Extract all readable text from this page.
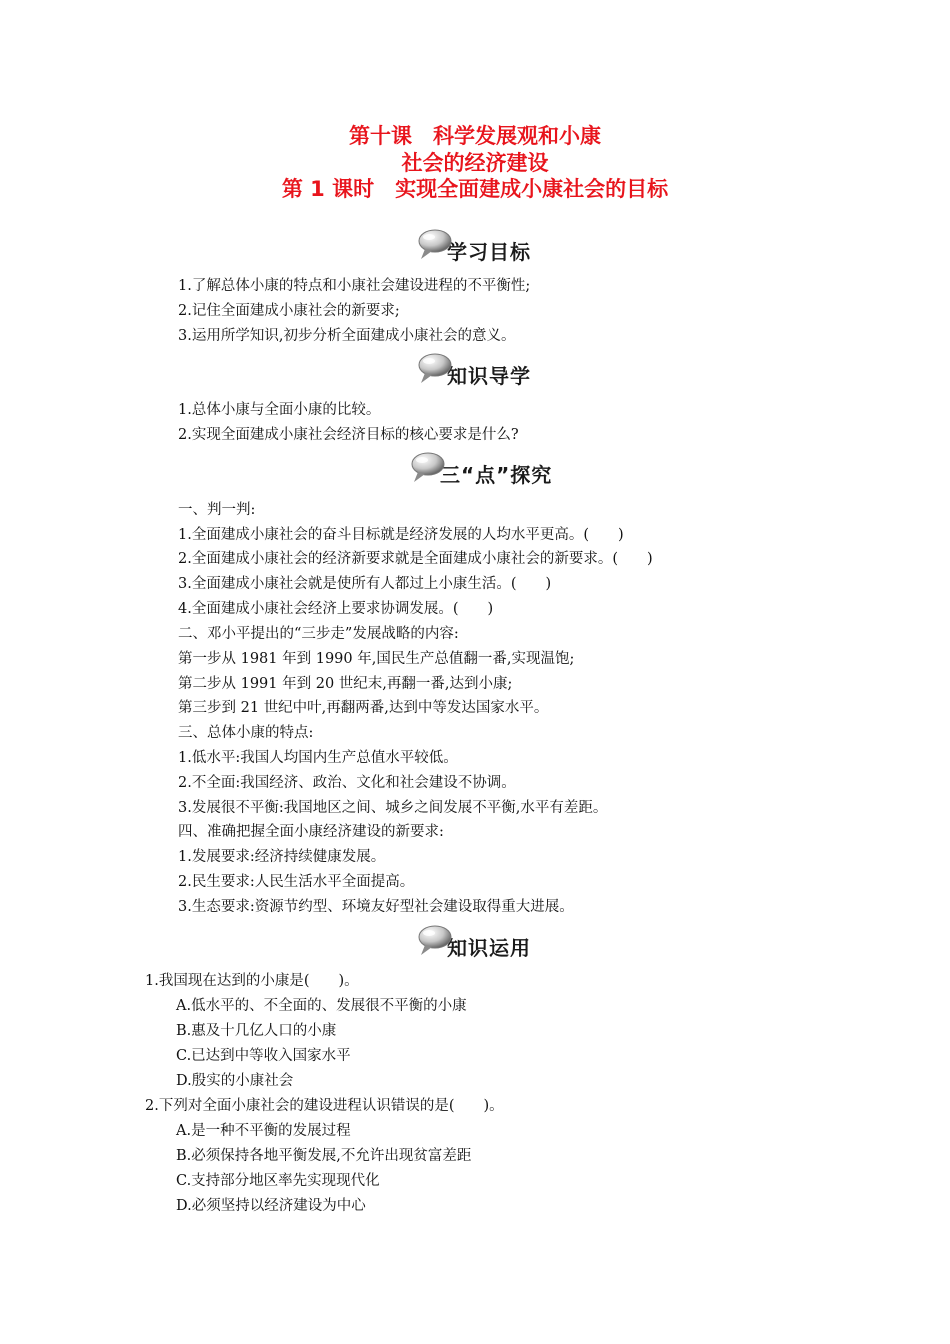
第十课　科学发展观和小康
社会的经济建设
第 1 课时　实现全面建成小康社会的目标
学习目标
1.了解总体小康的特点和小康社会建设进程的不平衡性;
2.记住全面建成小康社会的新要求;
3.运用所学知识,初步分析全面建成小康社会的意义。
知识导学
1.总体小康与全面小康的比较。
2.实现全面建成小康社会经济目标的核心要求是什么?
三“点”探究
一、判一判:
1.全面建成小康社会的奋斗目标就是经济发展的人均水平更高。(　　)
2.全面建成小康社会的经济新要求就是全面建成小康社会的新要求。(　　)
3.全面建成小康社会就是使所有人都过上小康生活。(　　)
4.全面建成小康社会经济上要求协调发展。(　　)
二、邓小平提出的“三步走”发展战略的内容:
第一步从 1981 年到 1990 年,国民生产总值翻一番,实现温饱;
第二步从 1991 年到 20 世纪末,再翻一番,达到小康;
第三步到 21 世纪中叶,再翻两番,达到中等发达国家水平。
三、总体小康的特点:
1.低水平:我国人均国内生产总值水平较低。
2.不全面:我国经济、政治、文化和社会建设不协调。
3.发展很不平衡:我国地区之间、城乡之间发展不平衡,水平有差距。
四、准确把握全面小康经济建设的新要求:
1.发展要求:经济持续健康发展。
2.民生要求:人民生活水平全面提高。
3.生态要求:资源节约型、环境友好型社会建设取得重大进展。
知识运用
1.我国现在达到的小康是(　　)。
A.低水平的、不全面的、发展很不平衡的小康
B.惠及十几亿人口的小康
C.已达到中等收入国家水平
D.殷实的小康社会
2.下列对全面小康社会的建设进程认识错误的是(　　)。
A.是一种不平衡的发展过程
B.必须保持各地平衡发展,不允许出现贫富差距
C.支持部分地区率先实现现代化
D.必须坚持以经济建设为中心
